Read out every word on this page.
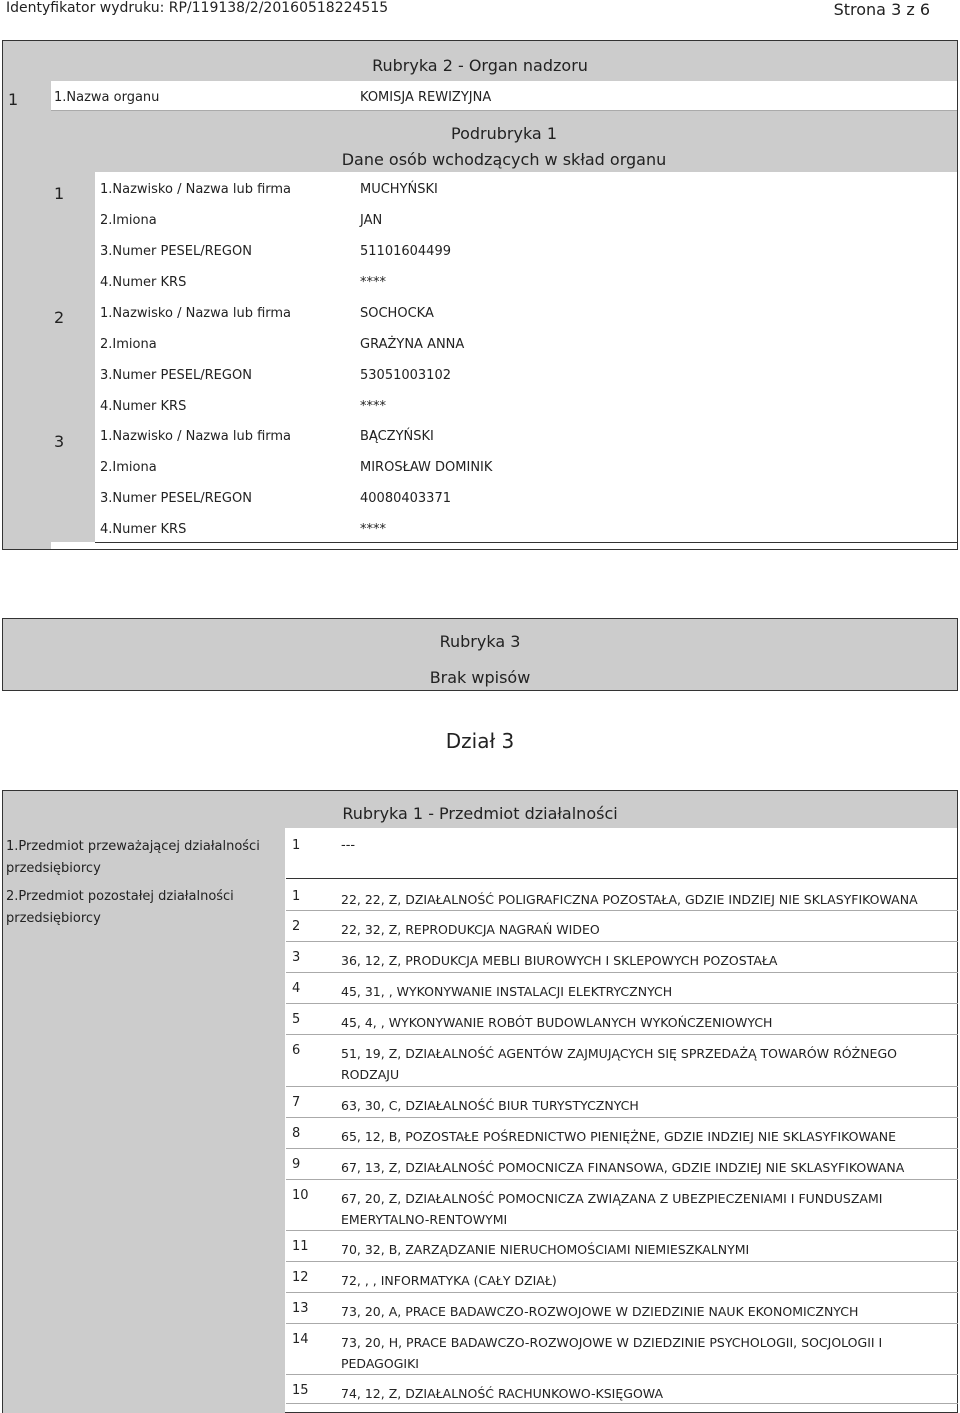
Identyfikator wydruku: RP/119138/2/20160518224515	Strona 3 z 6
Rubryka 2 - Organ nadzoru
1	1.Nazwa organu	KOMISJA REWIZYJNA
Podrubryka 1
Dane osób wchodzących w skład organu
1	1.Nazwisko / Nazwa lub firma	MUCHYŃSKI
2.Imiona	JAN
3.Numer PESEL/REGON	51101604499
4.Numer KRS	****
2	1.Nazwisko / Nazwa lub firma	SOCHOCKA
2.Imiona	GRAŻYNA ANNA
3.Numer PESEL/REGON	53051003102
4.Numer KRS	****
3	1.Nazwisko / Nazwa lub firma	BĄCZYŃSKI
2.Imiona	MIROSŁAW DOMINIK
3.Numer PESEL/REGON	40080403371
4.Numer KRS	****
Rubryka 3
Brak wpisów
Dział 3
Rubryka 1 - Przedmiot działalności
1.Przedmiot przeważającej działalności przedsiębiorcy
1	---
2.Przedmiot pozostałej działalności przedsiębiorcy
1	22, 22, Z, DZIAŁALNOŚĆ POLIGRAFICZNA POZOSTAŁA, GDZIE INDZIEJ NIE SKLASYFIKOWANA
2	22, 32, Z, REPRODUKCJA NAGRAŃ WIDEO
3	36, 12, Z, PRODUKCJA MEBLI BIUROWYCH I SKLEPOWYCH POZOSTAŁA
4	45, 31, , WYKONYWANIE INSTALACJI ELEKTRYCZNYCH
5	45, 4, , WYKONYWANIE ROBÓT BUDOWLANYCH WYKOŃCZENIOWYCH
6	51, 19, Z, DZIAŁALNOŚĆ AGENTÓW ZAJMUJĄCYCH SIĘ SPRZEDAŻĄ TOWARÓW RÓŻNEGO RODZAJU
7	63, 30, C, DZIAŁALNOŚĆ BIUR TURYSTYCZNYCH
8	65, 12, B, POZOSTAŁE POŚREDNICTWO PIENIĘŻNE, GDZIE INDZIEJ NIE SKLASYFIKOWANE
9	67, 13, Z, DZIAŁALNOŚĆ POMOCNICZA FINANSOWA, GDZIE INDZIEJ NIE SKLASYFIKOWANA
10	67, 20, Z, DZIAŁALNOŚĆ POMOCNICZA ZWIĄZANA Z UBEZPIECZENIAMI I FUNDUSZAMI EMERYTALNO-RENTOWYMI
11	70, 32, B, ZARZĄDZANIE NIERUCHOMOŚCIAMI NIEMIESZKALNYMI
12	72, , , INFORMATYKA (CAŁY DZIAŁ)
13	73, 20, A, PRACE BADAWCZO-ROZWOJOWE W DZIEDZINIE NAUK EKONOMICZNYCH
14	73, 20, H, PRACE BADAWCZO-ROZWOJOWE W DZIEDZINIE PSYCHOLOGII, SOCJOLOGII I PEDAGOGIKI
15	74, 12, Z, DZIAŁALNOŚĆ RACHUNKOWO-KSIĘGOWA
